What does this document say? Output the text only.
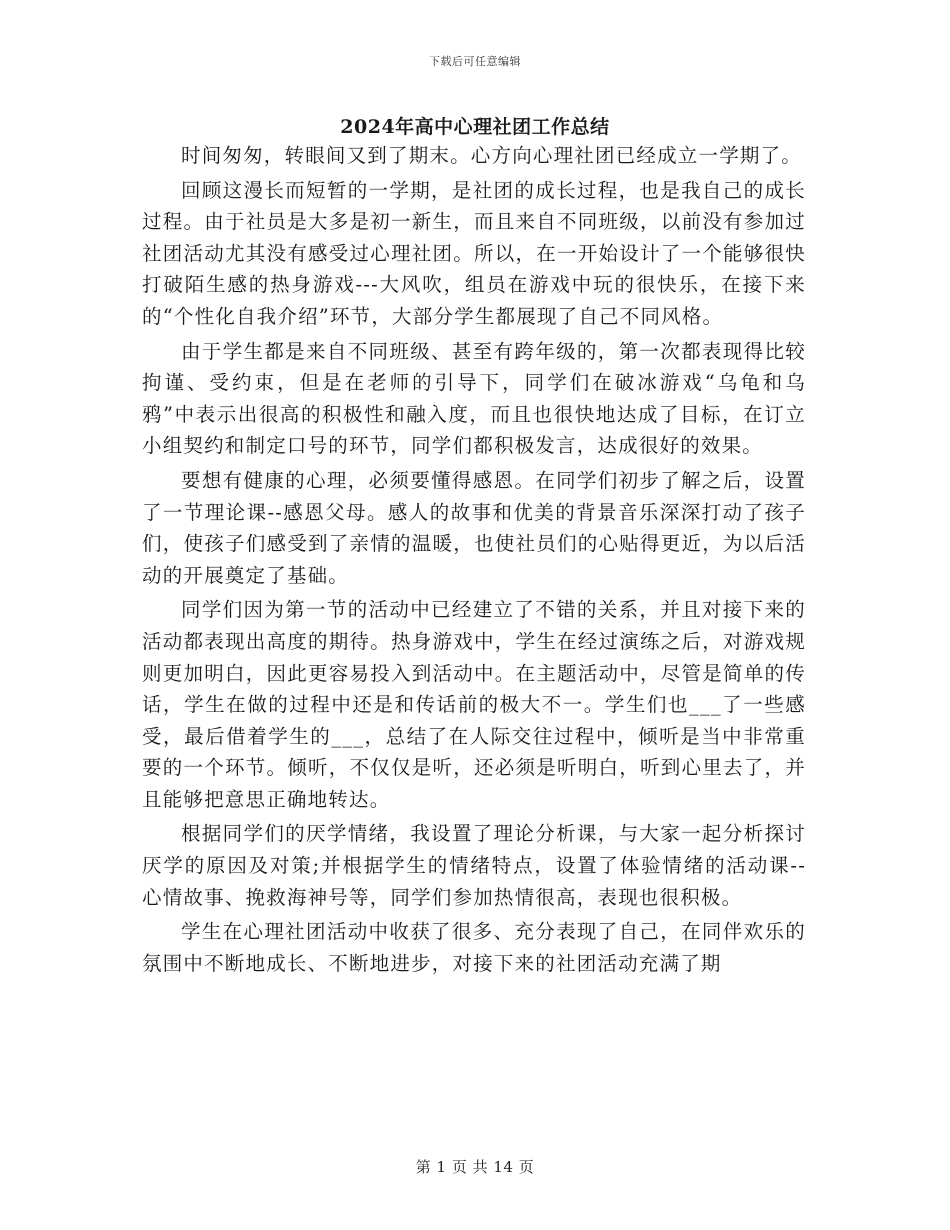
下载后可任意编辑
2024年高中心理社团工作总结

时间匆匆，转眼间又到了期末。心方向心理社团已经成立一学期了。

回顾这漫长而短暂的一学期，是社团的成长过程，也是我自己的成长过程。由于社员是大多是初一新生，而且来自不同班级，以前没有参加过社团活动尤其没有感受过心理社团。所以，在一开始设计了一个能够很快打破陌生感的热身游戏---大风吹，组员在游戏中玩的很快乐，在接下来的“个性化自我介绍”环节，大部分学生都展现了自己不同风格。

由于学生都是来自不同班级、甚至有跨年级的，第一次都表现得比较拘谨、受约束，但是在老师的引导下，同学们在破冰游戏“乌龟和乌鸦”中表示出很高的积极性和融入度，而且也很快地达成了目标，在订立小组契约和制定口号的环节，同学们都积极发言，达成很好的效果。

要想有健康的心理，必须要懂得感恩。在同学们初步了解之后，设置了一节理论课--感恩父母。感人的故事和优美的背景音乐深深打动了孩子们，使孩子们感受到了亲情的温暖，也使社员们的心贴得更近，为以后活动的开展奠定了基础。

同学们因为第一节的活动中已经建立了不错的关系，并且对接下来的活动都表现出高度的期待。热身游戏中，学生在经过演练之后，对游戏规则更加明白，因此更容易投入到活动中。在主题活动中，尽管是简单的传话，学生在做的过程中还是和传话前的极大不一。学生们也___了一些感受，最后借着学生的___，总结了在人际交往过程中，倾听是当中非常重要的一个环节。倾听，不仅仅是听，还必须是听明白，听到心里去了，并且能够把意思正确地转达。

根据同学们的厌学情绪，我设置了理论分析课，与大家一起分析探讨厌学的原因及对策;并根据学生的情绪特点，设置了体验情绪的活动课--心情故事、挽救海神号等，同学们参加热情很高，表现也很积极。

学生在心理社团活动中收获了很多、充分表现了自己，在同伴欢乐的氛围中不断地成长、不断地进步，对接下来的社团活动充满了期

第 1 页 共 14 页
